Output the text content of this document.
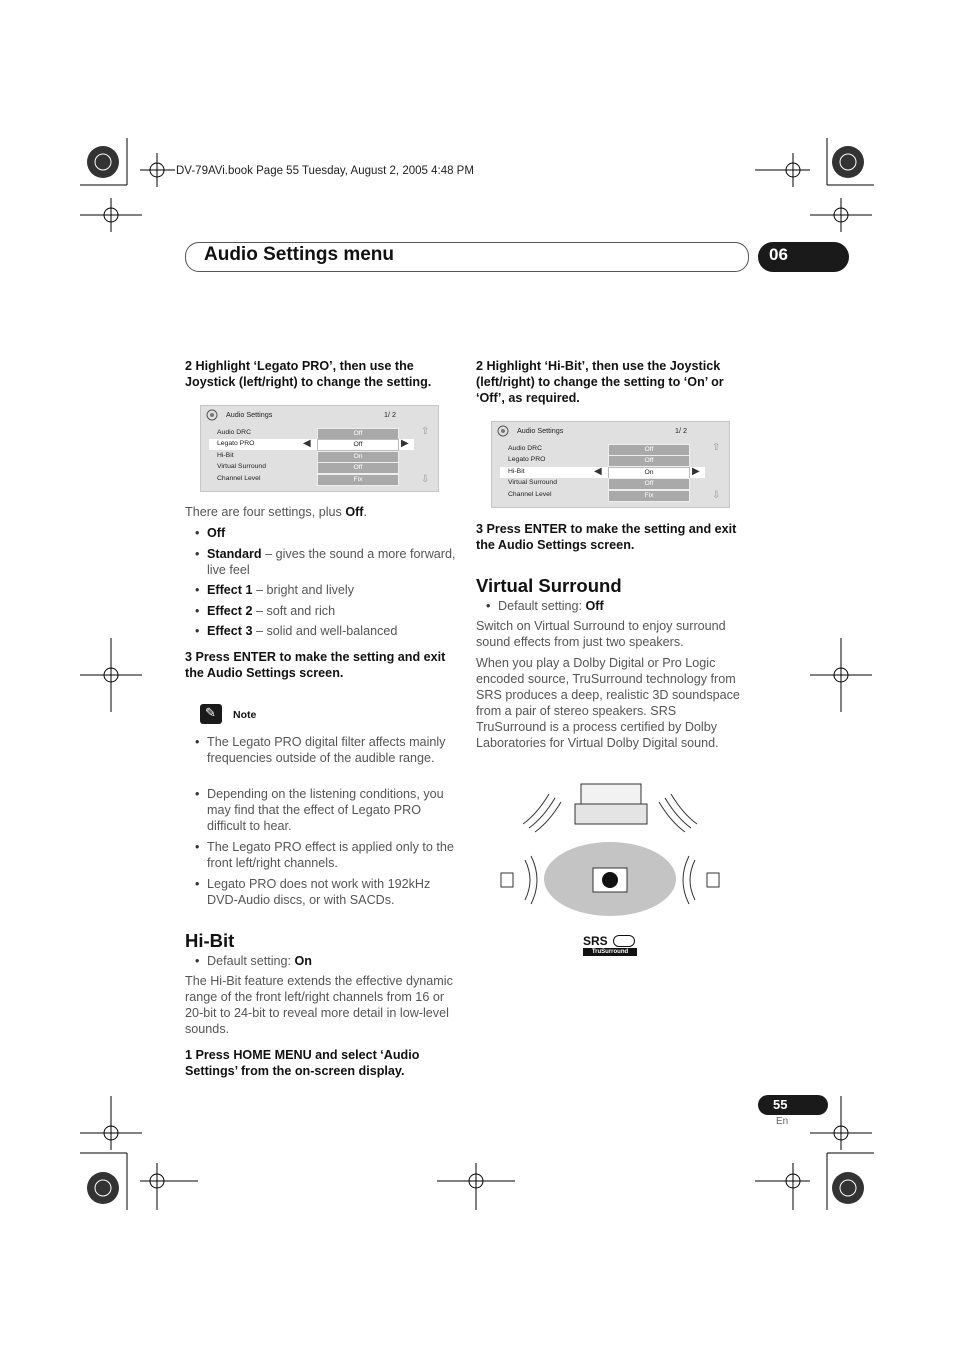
DV-79AVi.book Page 55 Tuesday, August 2, 2005 4:48 PM
Audio Settings menu	06
2 Highlight ‘Legato PRO’, then use the Joystick (left/right) to change the setting.
Audio Settings	1/ 2
Audio DRC	Off
Legato PRO	◀	Off	▶
Hi-Bit	On
Virtual Surround	Off
Channel Level	Fix
⇧
⇩
There are four settings, plus Off.
• Off
• Standard – gives the sound a more forward, live feel
• Effect 1 – bright and lively
• Effect 2 – soft and rich
• Effect 3 – solid and well-balanced
3 Press ENTER to make the setting and exit the Audio Settings screen.
✎ Note
• The Legato PRO digital filter affects mainly frequencies outside of the audible range.
• Depending on the listening conditions, you may find that the effect of Legato PRO difficult to hear.
• The Legato PRO effect is applied only to the front left/right channels.
• Legato PRO does not work with 192kHz DVD-Audio discs, or with SACDs.
Hi-Bit
• Default setting: On
The Hi-Bit feature extends the effective dynamic range of the front left/right channels from 16 or 20-bit to 24-bit to reveal more detail in low-level sounds.
1 Press HOME MENU and select ‘Audio Settings’ from the on-screen display.
2 Highlight ‘Hi-Bit’, then use the Joystick (left/right) to change the setting to ‘On’ or ‘Off’, as required.
Audio Settings	1/ 2
Audio DRC	Off
Legato PRO	Off
Hi-Bit	◀	On	▶
Virtual Surround	Off
Channel Level	Fix
⇧
⇩
3 Press ENTER to make the setting and exit the Audio Settings screen.
Virtual Surround
• Default setting: Off
Switch on Virtual Surround to enjoy surround sound effects from just two speakers.
When you play a Dolby Digital or Pro Logic encoded source, TruSurround technology from SRS produces a deep, realistic 3D soundspace from a pair of stereo speakers. SRS TruSurround is a process certified by Dolby Laboratories for Virtual Dolby Digital sound.
SRS
TruSurround
55
En
